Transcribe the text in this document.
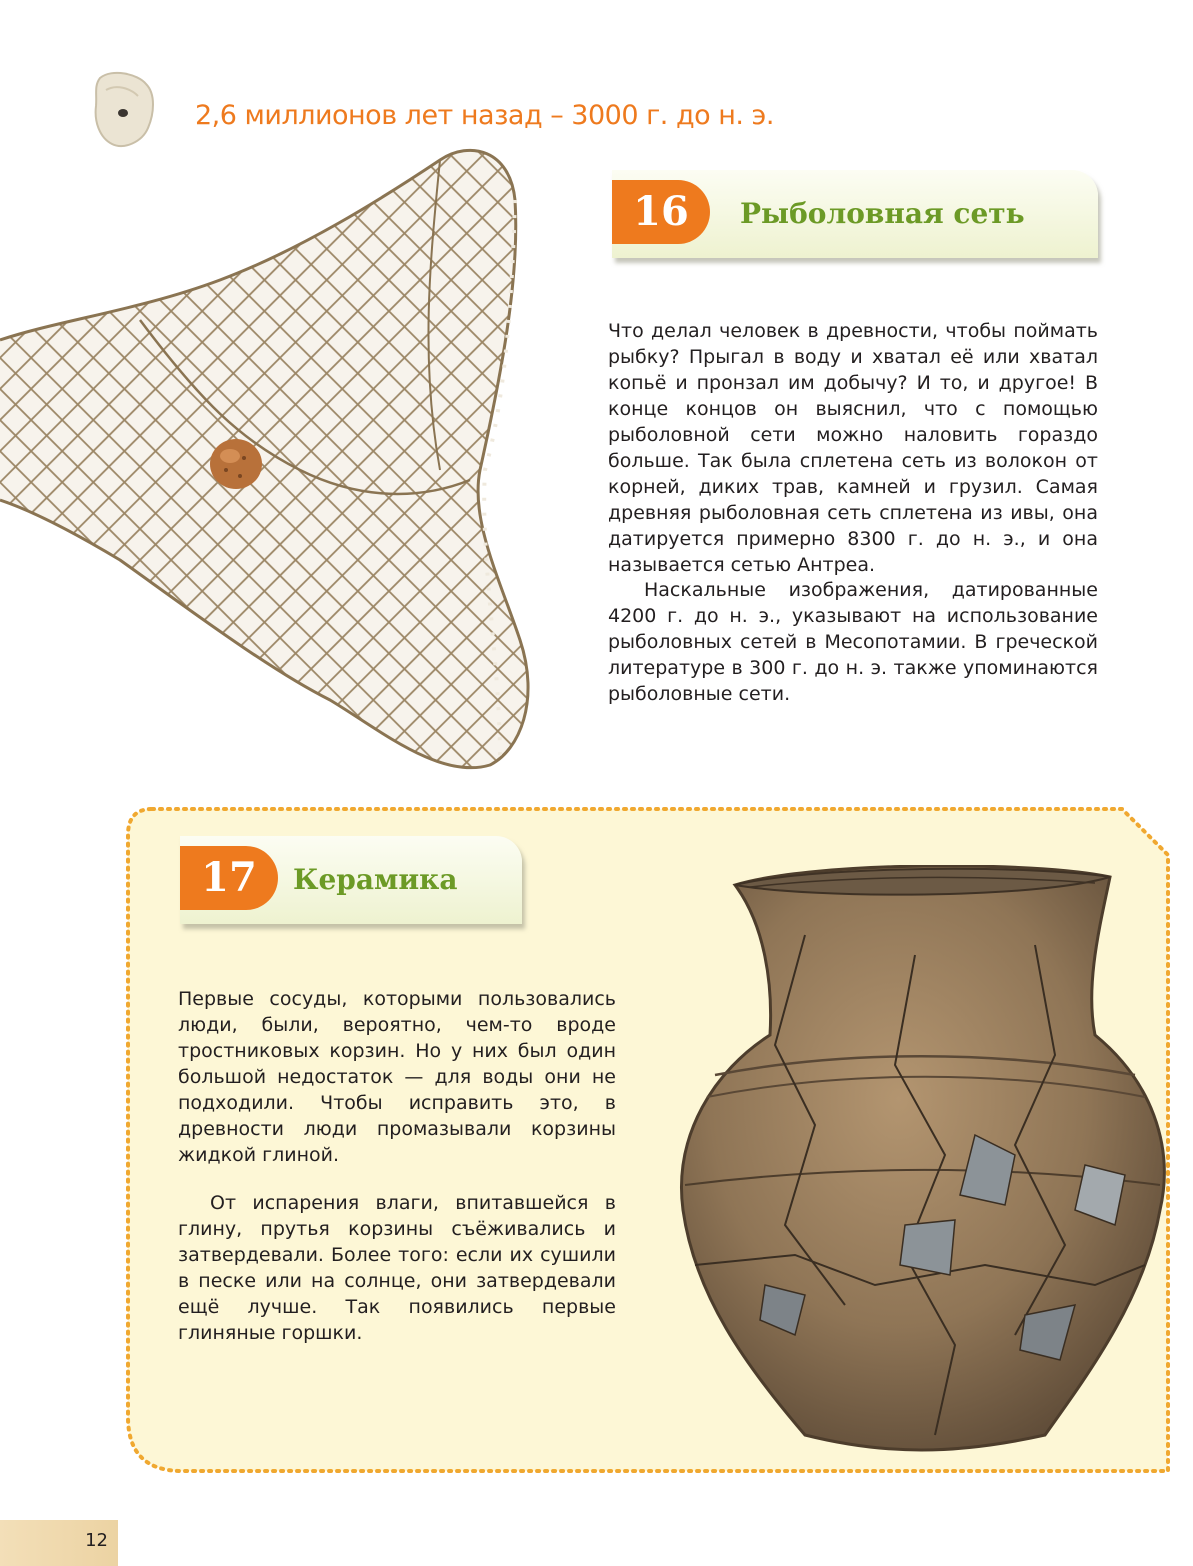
2,6 миллионов лет назад – 3000 г. до н. э.
16	Рыболовная сеть

Что делал человек в древности, чтобы поймать рыбку? Прыгал в воду и хватал её или хватал копьё и пронзал им добычу? И то, и другое! В конце концов он выяснил, что с помощью рыболовной сети можно наловить гораздо больше. Так была сплетена сеть из волокон от корней, диких трав, камней и грузил. Самая древняя рыболовная сеть сплетена из ивы, она датируется примерно 8300 г. до н. э., и она называется сетью Антреа.

Наскальные изображения, датированные 4200 г. до н. э., указывают на использование рыболовных сетей в Месопотамии. В греческой литературе в 300 г. до н. э. также упоминаются рыболовные сети.

17	Керамика

Первые сосуды, которыми пользовались люди, были, вероятно, чем-то вроде тростниковых корзин. Но у них был один большой недостаток — для воды они не подходили. Чтобы исправить это, в древности люди промазывали корзины жидкой глиной.

От испарения влаги, впитавшейся в глину, прутья корзины съёживались и затвердевали. Более того: если их сушили в песке или на солнце, они затвердевали ещё лучше. Так появились первые глиняные горшки.

12
